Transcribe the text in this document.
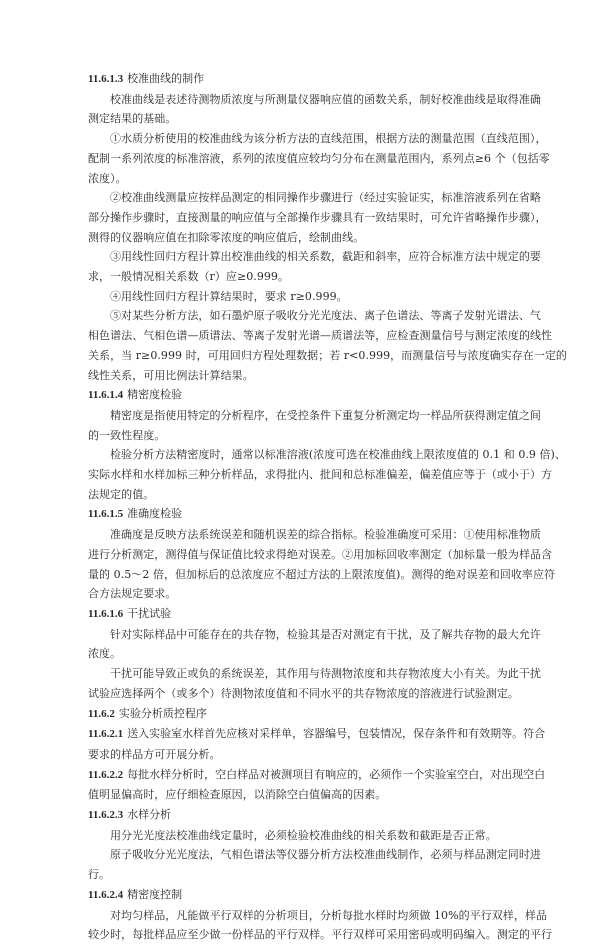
11.6.1.3 校准曲线的制作
校准曲线是表述待测物质浓度与所测量仪器响应值的函数关系，制好校准曲线是取得准确
测定结果的基础。
①水质分析使用的校准曲线为该分析方法的直线范围，根据方法的测量范围（直线范围），
配制一系列浓度的标准溶液，系列的浓度值应较均匀分布在测量范围内，系列点≥6 个（包括零
浓度）。
②校准曲线测量应按样品测定的相同操作步骤进行（经过实验证实，标准溶液系列在省略
部分操作步骤时，直接测量的响应值与全部操作步骤具有一致结果时，可允许省略操作步骤），
测得的仪器响应值在扣除零浓度的响应值后，绘制曲线。
③用线性回归方程计算出校准曲线的相关系数，截距和斜率，应符合标准方法中规定的要
求，一般情况相关系数（r）应≥0.999。
④用线性回归方程计算结果时，要求 r≥0.999。
⑤对某些分析方法，如石墨炉原子吸收分光光度法、离子色谱法、等离子发射光谱法、气
相色谱法、气相色谱—质谱法、等离子发射光谱—质谱法等，应检查测量信号与测定浓度的线性
关系，当 r≥0.999 时，可用回归方程处理数据；若 r<0.999，而测量信号与浓度确实存在一定的
线性关系，可用比例法计算结果。
11.6.1.4 精密度检验
精密度是指使用特定的分析程序，在受控条件下重复分析测定均一样品所获得测定值之间
的一致性程度。
检验分析方法精密度时，通常以标准溶液(浓度可选在校准曲线上限浓度值的 0.1 和 0.9 倍)、
实际水样和水样加标三种分析样品，求得批内、批间和总标准偏差，偏差值应等于（或小于）方
法规定的值。
11.6.1.5 准确度检验
准确度是反映方法系统误差和随机误差的综合指标。检验准确度可采用：①使用标准物质
进行分析测定，测得值与保证值比较求得绝对误差。②用加标回收率测定（加标量一般为样品含
量的 0.5～2 倍，但加标后的总浓度应不超过方法的上限浓度值)。测得的绝对误差和回收率应符
合方法规定要求。
11.6.1.6 干扰试验
针对实际样品中可能存在的共存物，检验其是否对测定有干扰，及了解共存物的最大允许
浓度。
干扰可能导致正或负的系统误差，其作用与待测物浓度和共存物浓度大小有关。为此干扰
试验应选择两个（或多个）待测物浓度值和不同水平的共存物浓度的溶液进行试验测定。
11.6.2 实验分析质控程序
11.6.2.1 送入实验室水样首先应核对采样单，容器编号，包装情况，保存条件和有效期等。符合
要求的样品方可开展分析。
11.6.2.2 每批水样分析时，空白样品对被测项目有响应的，必须作一个实验室空白，对出现空白
值明显偏高时，应仔细检查原因，以消除空白值偏高的因素。
11.6.2.3 水样分析
用分光光度法校准曲线定量时，必须检验校准曲线的相关系数和截距是否正常。
原子吸收分光光度法，气相色谱法等仪器分析方法校准曲线制作，必须与样品测定同时进
行。
11.6.2.4 精密度控制
对均匀样品，凡能做平行双样的分析项目，分析每批水样时均须做 10%的平行双样，样品
较少时，每批样品应至少做一份样品的平行双样。平行双样可采用密码或明码编入。测定的平行
